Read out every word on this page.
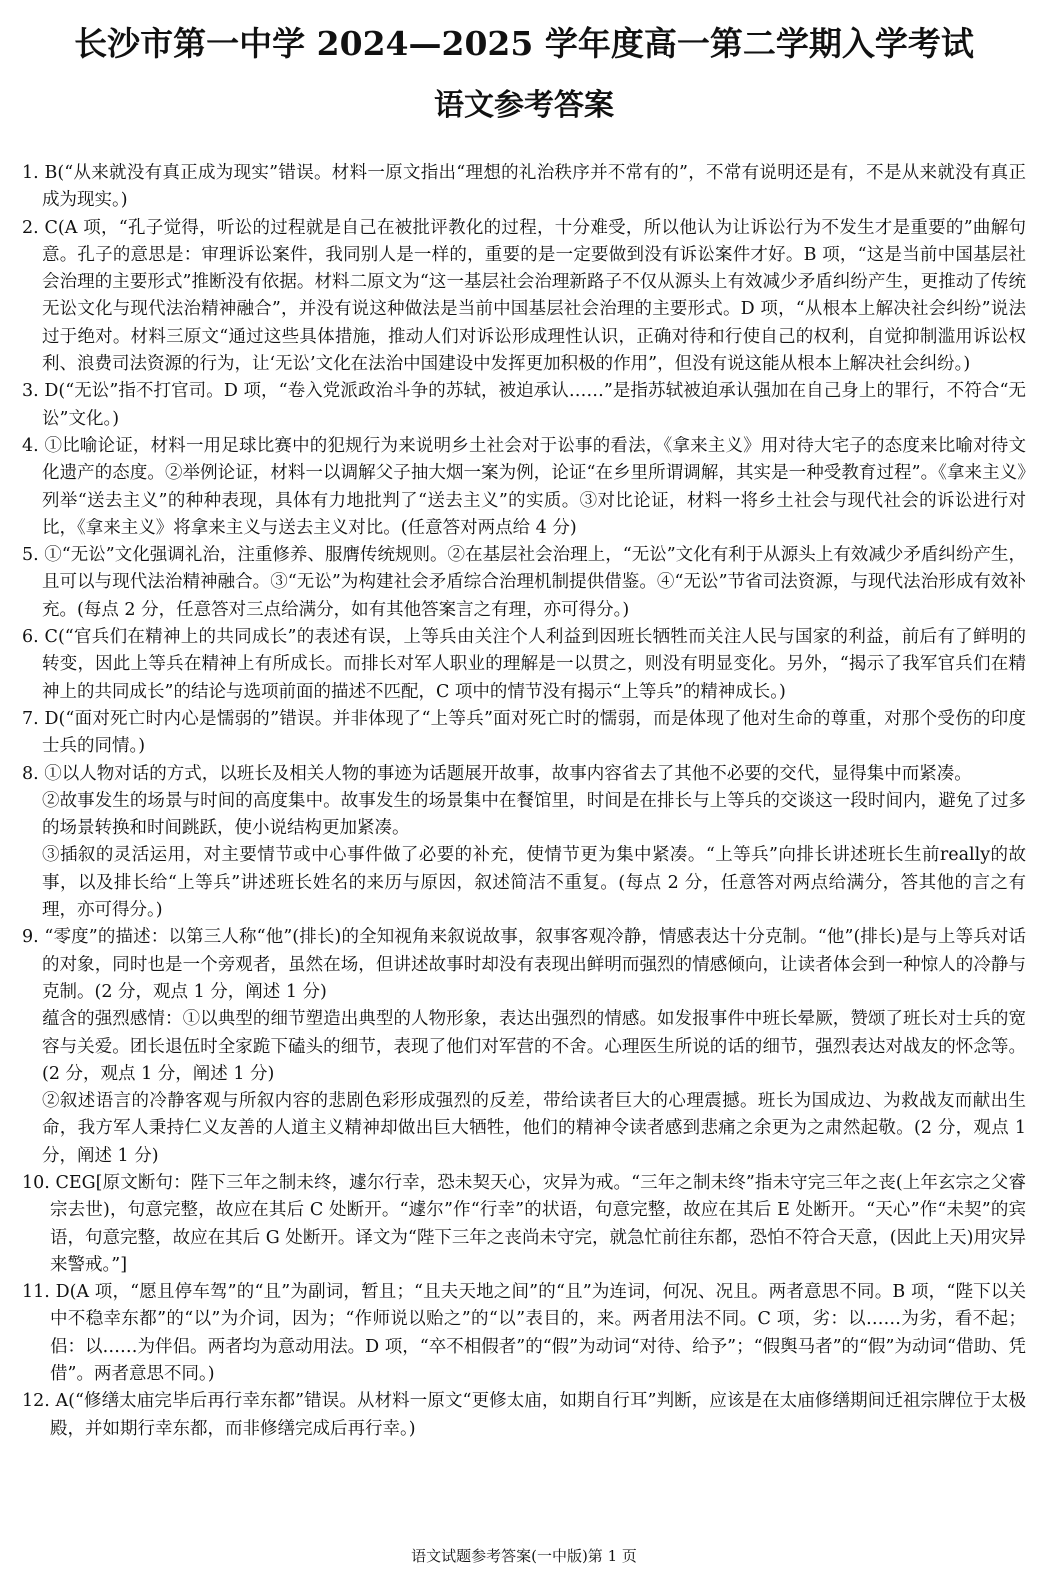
长沙市第一中学 2024—2025 学年度高一第二学期入学考试
语文参考答案
1. B(“从来就没有真正成为现实”错误。材料一原文指出“理想的礼治秩序并不常有的”，不常有说明还是有，不是从来就没有真正成为现实。)
2. C(A 项，“孔子觉得，听讼的过程就是自己在被批评教化的过程，十分难受，所以他认为让诉讼行为不发生才是重要的”曲解句意。孔子的意思是：审理诉讼案件，我同别人是一样的，重要的是一定要做到没有诉讼案件才好。B 项，“这是当前中国基层社会治理的主要形式”推断没有依据。材料二原文为“这一基层社会治理新路子不仅从源头上有效减少矛盾纠纷产生，更推动了传统无讼文化与现代法治精神融合”，并没有说这种做法是当前中国基层社会治理的主要形式。D 项，“从根本上解决社会纠纷”说法过于绝对。材料三原文“通过这些具体措施，推动人们对诉讼形成理性认识，正确对待和行使自己的权利，自觉抑制滥用诉讼权利、浪费司法资源的行为，让‘无讼’文化在法治中国建设中发挥更加积极的作用”，但没有说这能从根本上解决社会纠纷。)
3. D(“无讼”指不打官司。D 项，“卷入党派政治斗争的苏轼，被迫承认……”是指苏轼被迫承认强加在自己身上的罪行，不符合“无讼”文化。)
4. ①比喻论证，材料一用足球比赛中的犯规行为来说明乡土社会对于讼事的看法，《拿来主义》用对待大宅子的态度来比喻对待文化遗产的态度。②举例论证，材料一以调解父子抽大烟一案为例，论证“在乡里所谓调解，其实是一种受教育过程”。《拿来主义》列举“送去主义”的种种表现，具体有力地批判了“送去主义”的实质。③对比论证，材料一将乡土社会与现代社会的诉讼进行对比，《拿来主义》将拿来主义与送去主义对比。(任意答对两点给 4 分)
5. ①“无讼”文化强调礼治，注重修养、服膺传统规则。②在基层社会治理上，“无讼”文化有利于从源头上有效减少矛盾纠纷产生，且可以与现代法治精神融合。③“无讼”为构建社会矛盾综合治理机制提供借鉴。④“无讼”节省司法资源，与现代法治形成有效补充。(每点 2 分，任意答对三点给满分，如有其他答案言之有理，亦可得分。)
6. C(“官兵们在精神上的共同成长”的表述有误，上等兵由关注个人利益到因班长牺牲而关注人民与国家的利益，前后有了鲜明的转变，因此上等兵在精神上有所成长。而排长对军人职业的理解是一以贯之，则没有明显变化。另外，“揭示了我军官兵们在精神上的共同成长”的结论与选项前面的描述不匹配，C 项中的情节没有揭示“上等兵”的精神成长。)
7. D(“面对死亡时内心是懦弱的”错误。并非体现了“上等兵”面对死亡时的懦弱，而是体现了他对生命的尊重，对那个受伤的印度士兵的同情。)
8. ①以人物对话的方式，以班长及相关人物的事迹为话题展开故事，故事内容省去了其他不必要的交代，显得集中而紧凑。
②故事发生的场景与时间的高度集中。故事发生的场景集中在餐馆里，时间是在排长与上等兵的交谈这一段时间内，避免了过多的场景转换和时间跳跃，使小说结构更加紧凑。
③插叙的灵活运用，对主要情节或中心事件做了必要的补充，使情节更为集中紧凑。“上等兵”向排长讲述班长生前really的故事，以及排长给“上等兵”讲述班长姓名的来历与原因，叙述简洁不重复。(每点 2 分，任意答对两点给满分，答其他的言之有理，亦可得分。)
9. “零度”的描述：以第三人称“他”(排长)的全知视角来叙说故事，叙事客观冷静，情感表达十分克制。“他”(排长)是与上等兵对话的对象，同时也是一个旁观者，虽然在场，但讲述故事时却没有表现出鲜明而强烈的情感倾向，让读者体会到一种惊人的冷静与克制。(2 分，观点 1 分，阐述 1 分)
蕴含的强烈感情：①以典型的细节塑造出典型的人物形象，表达出强烈的情感。如发报事件中班长晕厥，赞颂了班长对士兵的宽容与关爱。团长退伍时全家跪下磕头的细节，表现了他们对军营的不舍。心理医生所说的话的细节，强烈表达对战友的怀念等。(2 分，观点 1 分，阐述 1 分)
②叙述语言的冷静客观与所叙内容的悲剧色彩形成强烈的反差，带给读者巨大的心理震撼。班长为国成边、为救战友而献出生命，我方军人秉持仁义友善的人道主义精神却做出巨大牺牲，他们的精神令读者感到悲痛之余更为之肃然起敬。(2 分，观点 1 分，阐述 1 分)
10. CEG[原文断句：陛下三年之制未终，遽尔行幸，恐未契天心，灾异为戒。“三年之制未终”指未守完三年之丧(上年玄宗之父睿宗去世)，句意完整，故应在其后 C 处断开。“遽尔”作“行幸”的状语，句意完整，故应在其后 E 处断开。“天心”作“未契”的宾语，句意完整，故应在其后 G 处断开。译文为“陛下三年之丧尚未守完，就急忙前往东都，恐怕不符合天意，(因此上天)用灾异来警戒。”]
11. D(A 项，“愿且停车驾”的“且”为副词，暂且；“且夫天地之间”的“且”为连词，何况、况且。两者意思不同。B 项，“陛下以关中不稳幸东都”的“以”为介词，因为；“作师说以贻之”的“以”表目的，来。两者用法不同。C 项，劣：以……为劣，看不起；侣：以……为伴侣。两者均为意动用法。D 项，“卒不相假者”的“假”为动词“对待、给予”；“假舆马者”的“假”为动词“借助、凭借”。两者意思不同。)
12. A(“修缮太庙完毕后再行幸东都”错误。从材料一原文“更修太庙，如期自行耳”判断，应该是在太庙修缮期间迁祖宗牌位于太极殿，并如期行幸东都，而非修缮完成后再行幸。)
语文试题参考答案(一中版)第 1 页
